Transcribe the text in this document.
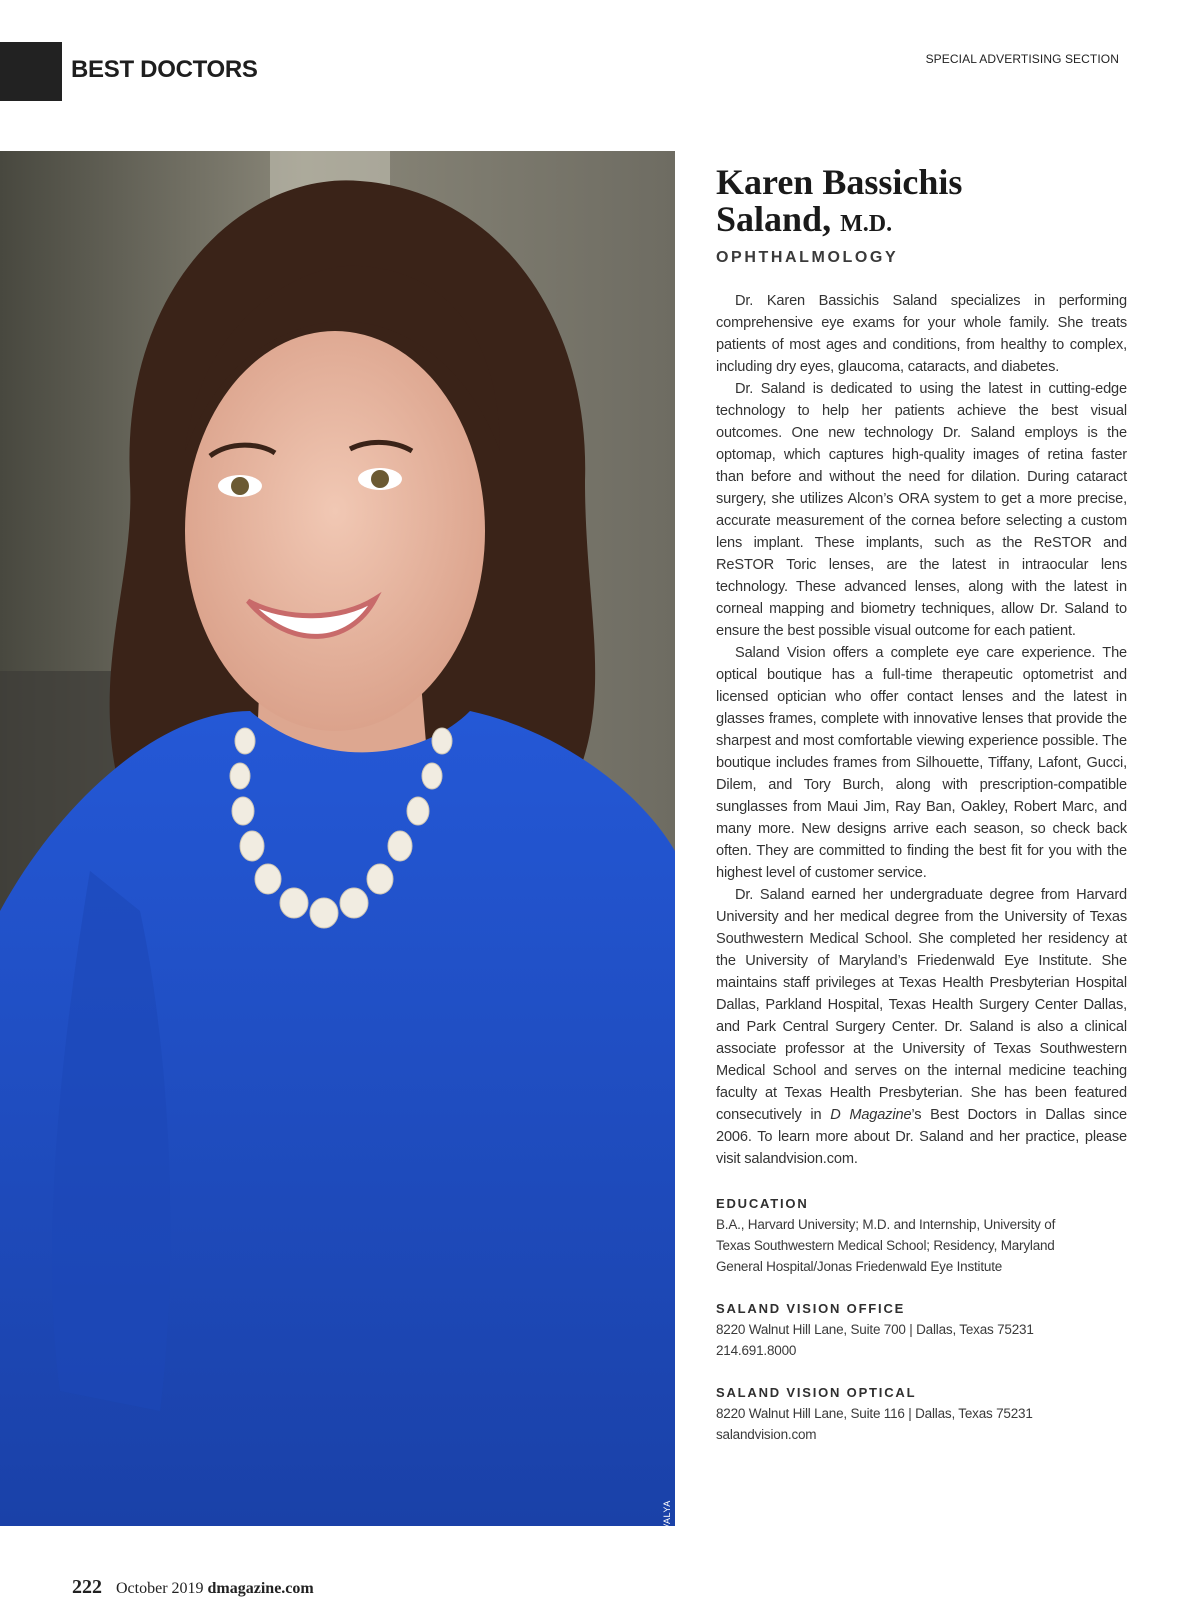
BEST DOCTORS	SPECIAL ADVERTISING SECTION
VANESSA GAVALYA
Karen Bassichis
Saland, M.D.
OPHTHALMOLOGY

Dr. Karen Bassichis Saland specializes in performing comprehensive eye exams for your whole family. She treats patients of most ages and conditions, from healthy to complex, including dry eyes, glaucoma, cataracts, and diabetes.

Dr. Saland is dedicated to using the latest in cutting-edge technology to help her patients achieve the best visual outcomes. One new technology Dr. Saland employs is the optomap, which captures high-quality images of retina faster than before and without the need for dilation. During cataract surgery, she utilizes Alcon’s ORA system to get a more precise, accurate measurement of the cornea before selecting a custom lens implant. These implants, such as the ReSTOR and ReSTOR Toric lenses, are the latest in intraocular lens technology. These advanced lenses, along with the latest in corneal mapping and biometry techniques, allow Dr. Saland to ensure the best possible visual outcome for each patient.

Saland Vision offers a complete eye care experience. The optical boutique has a full-time therapeutic optometrist and licensed optician who offer contact lenses and the latest in glasses frames, complete with innovative lenses that provide the sharpest and most comfortable viewing experience possible. The boutique includes frames from Silhouette, Tiffany, Lafont, Gucci, Dilem, and Tory Burch, along with prescription-compatible sunglasses from Maui Jim, Ray Ban, Oakley, Robert Marc, and many more. New designs arrive each season, so check back often. They are committed to finding the best fit for you with the highest level of customer service.

Dr. Saland earned her undergraduate degree from Harvard University and her medical degree from the University of Texas Southwestern Medical School. She completed her residency at the University of Maryland’s Friedenwald Eye Institute. She maintains staff privileges at Texas Health Presbyterian Hospital Dallas, Parkland Hospital, Texas Health Surgery Center Dallas, and Park Central Surgery Center. Dr. Saland is also a clinical associate professor at the University of Texas Southwestern Medical School and serves on the internal medicine teaching faculty at Texas Health Presbyterian. She has been featured consecutively in D Magazine’s Best Doctors in Dallas since 2006. To learn more about Dr. Saland and her practice, please visit salandvision.com.

EDUCATION
B.A., Harvard University; M.D. and Internship, University of
Texas Southwestern Medical School; Residency, Maryland
General Hospital/Jonas Friedenwald Eye Institute
SALAND VISION OFFICE
8220 Walnut Hill Lane, Suite 700 | Dallas, Texas 75231
214.691.8000
SALAND VISION OPTICAL
8220 Walnut Hill Lane, Suite 116 | Dallas, Texas 75231
salandvision.com
222 October 2019 dmagazine.com
